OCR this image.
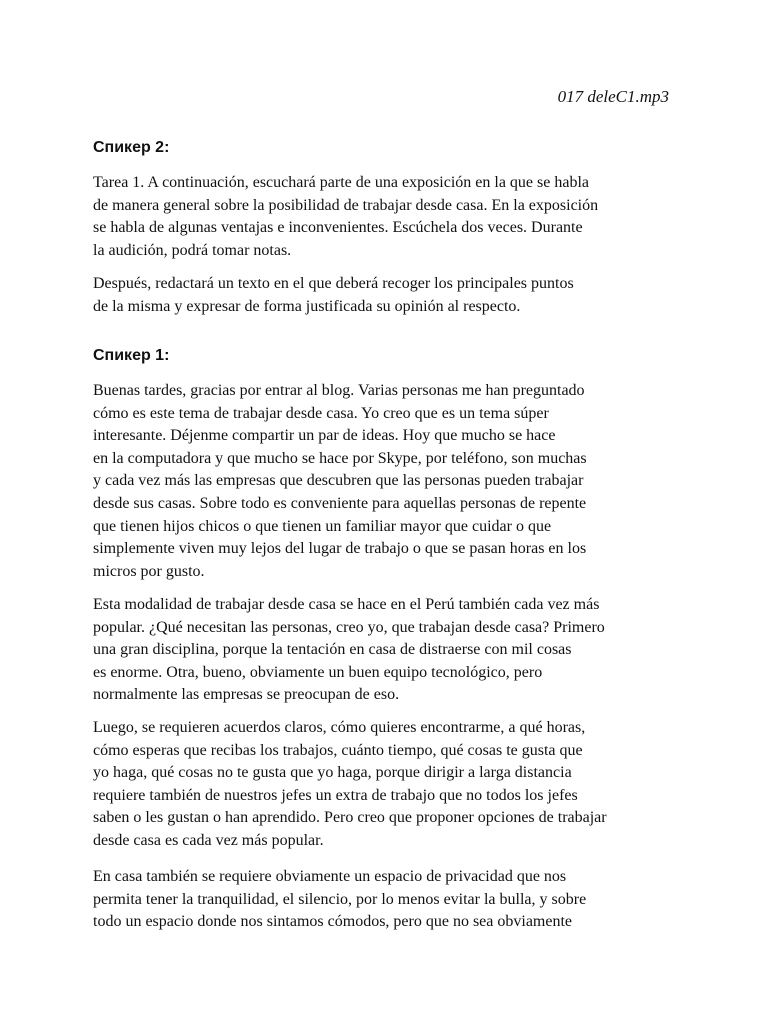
017 deleC1.mp3
Спикер 2:
Tarea 1. A continuación, escuchará parte de una exposición en la que se habla
de manera general sobre la posibilidad de trabajar desde casa. En la exposición
se habla de algunas ventajas e inconvenientes. Escúchela dos veces. Durante
la audición, podrá tomar notas.
Después, redactará un texto en el que deberá recoger los principales puntos
de la misma y expresar de forma justificada su opinión al respecto.
Спикер 1:
Buenas tardes, gracias por entrar al blog. Varias personas me han preguntado
cómo es este tema de trabajar desde casa. Yo creo que es un tema súper
interesante. Déjenme compartir un par de ideas. Hoy que mucho se hace
en la computadora y que mucho se hace por Skype, por teléfono, son muchas
y cada vez más las empresas que descubren que las personas pueden trabajar
desde sus casas. Sobre todo es conveniente para aquellas personas de repente
que tienen hijos chicos o que tienen un familiar mayor que cuidar o que
simplemente viven muy lejos del lugar de trabajo o que se pasan horas en los
micros por gusto.
Esta modalidad de trabajar desde casa se hace en el Perú también cada vez más
popular. ¿Qué necesitan las personas, creo yo, que trabajan desde casa? Primero
una gran disciplina, porque la tentación en casa de distraerse con mil cosas
es enorme. Otra, bueno, obviamente un buen equipo tecnológico, pero
normalmente las empresas se preocupan de eso.
Luego, se requieren acuerdos claros, cómo quieres encontrarme, a qué horas,
cómo esperas que recibas los trabajos, cuánto tiempo, qué cosas te gusta que
yo haga, qué cosas no te gusta que yo haga, porque dirigir a larga distancia
requiere también de nuestros jefes un extra de trabajo que no todos los jefes
saben o les gustan o han aprendido. Pero creo que proponer opciones de trabajar
desde casa es cada vez más popular.
En casa también se requiere obviamente un espacio de privacidad que nos
permita tener la tranquilidad, el silencio, por lo menos evitar la bulla, y sobre
todo un espacio donde nos sintamos cómodos, pero que no sea obviamente
